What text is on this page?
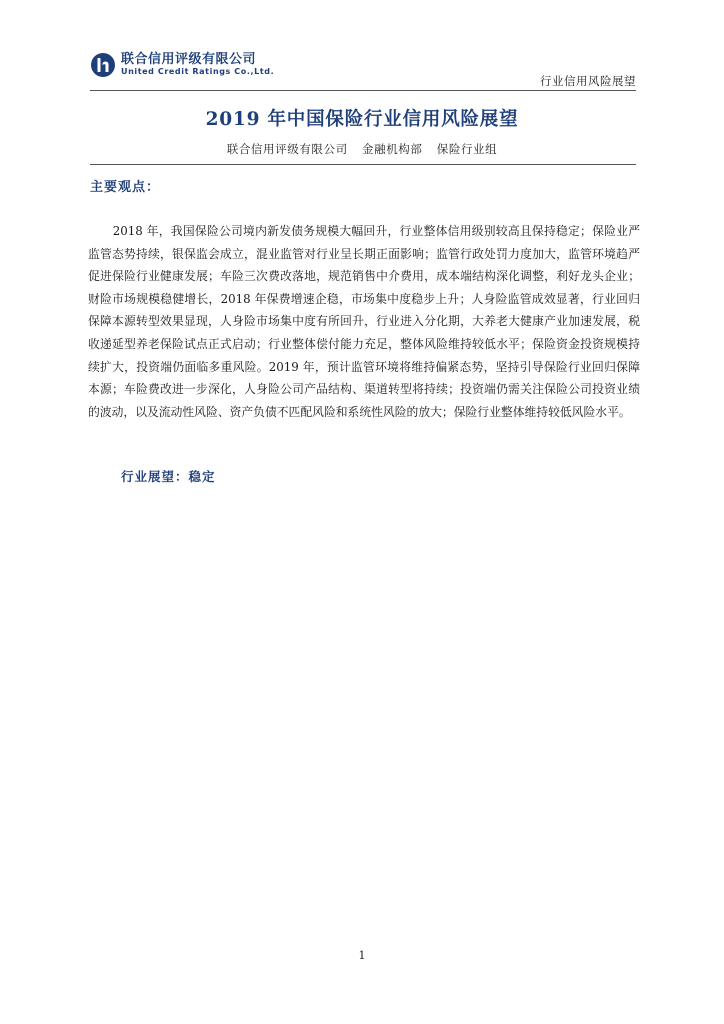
联合信用评级有限公司
United Credit Ratings Co.,Ltd.
行业信用风险展望
2019 年中国保险行业信用风险展望
联合信用评级有限公司 金融机构部 保险行业组
主要观点：

2018 年，我国保险公司境内新发债务规模大幅回升，行业整体信用级别较高且保持稳定；保险业严监管态势持续，银保监会成立，混业监管对行业呈长期正面影响；监管行政处罚力度加大，监管环境趋严促进保险行业健康发展；车险三次费改落地，规范销售中介费用，成本端结构深化调整，利好龙头企业；财险市场规模稳健增长，2018 年保费增速企稳，市场集中度稳步上升；人身险监管成效显著，行业回归保障本源转型效果显现，人身险市场集中度有所回升，行业进入分化期，大养老大健康产业加速发展，税收递延型养老保险试点正式启动；行业整体偿付能力充足，整体风险维持较低水平；保险资金投资规模持续扩大，投资端仍面临多重风险。2019 年，预计监管环境将维持偏紧态势，坚持引导保险行业回归保障本源；车险费改进一步深化，人身险公司产品结构、渠道转型将持续；投资端仍需关注保险公司投资业绩的波动，以及流动性风险、资产负债不匹配风险和系统性风险的放大；保险行业整体维持较低风险水平。

行业展望：稳定
1
